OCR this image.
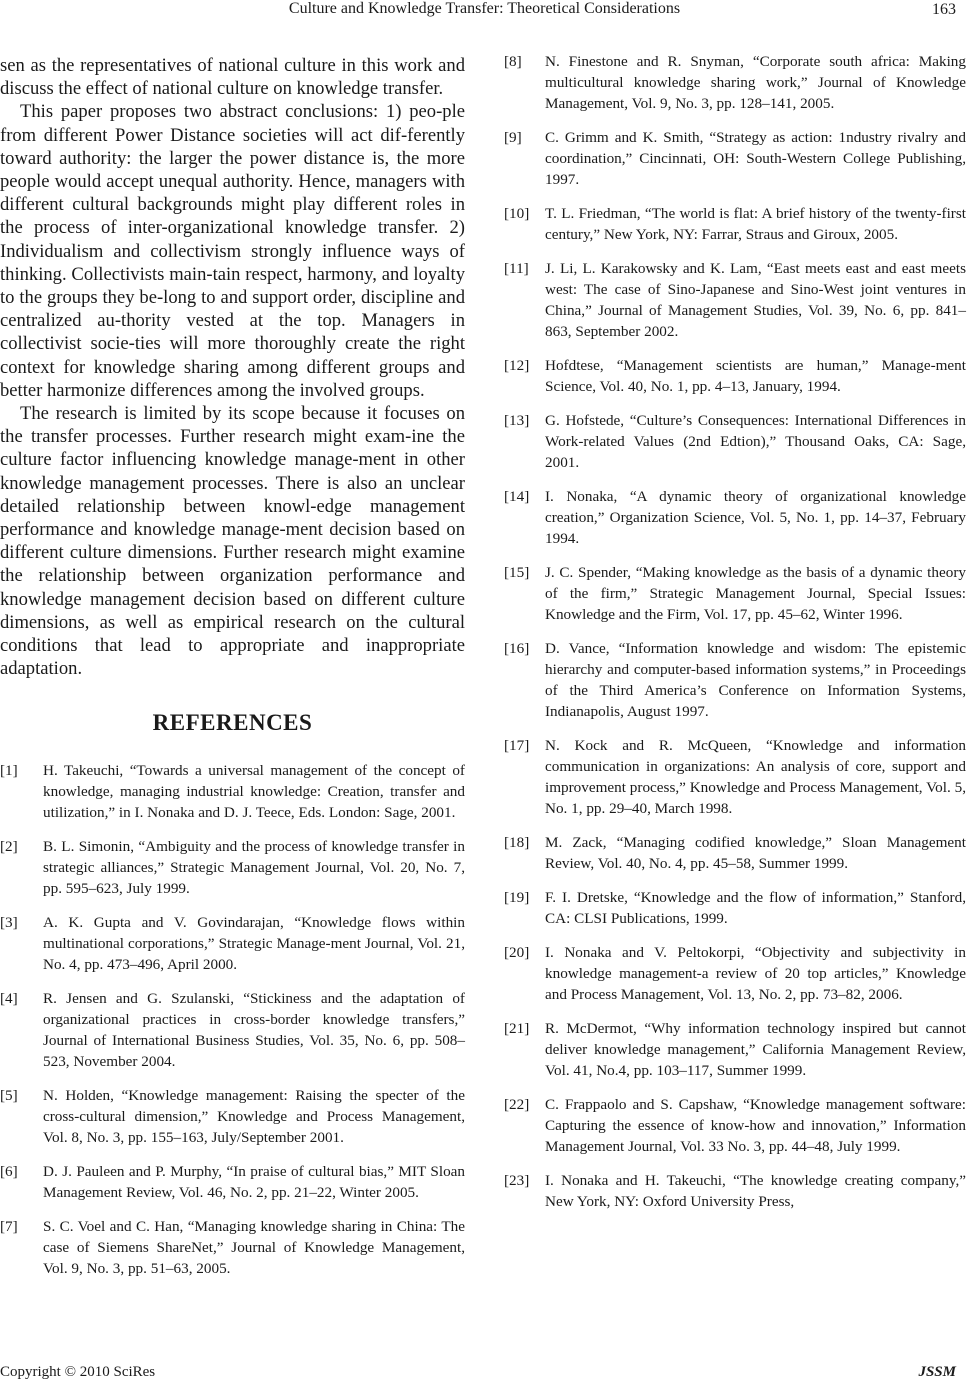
Culture and Knowledge Transfer: Theoretical Considerations	163

sen as the representatives of national culture in this work and discuss the effect of national culture on knowledge transfer.

This paper proposes two abstract conclusions: 1) peo-ple from different Power Distance societies will act dif-ferently toward authority: the larger the power distance is, the more people would accept unequal authority. Hence, managers with different cultural backgrounds might play different roles in the process of inter-organizational knowledge transfer. 2) Individualism and collectivism strongly influence ways of thinking. Collectivists main-tain respect, harmony, and loyalty to the groups they be-long to and support order, discipline and centralized au-thority vested at the top. Managers in collectivist socie-ties will more thoroughly create the right context for knowledge sharing among different groups and better harmonize differences among the involved groups.

The research is limited by its scope because it focuses on the transfer processes. Further research might exam-ine the culture factor influencing knowledge manage-ment in other knowledge management processes. There is also an unclear detailed relationship between knowl-edge management performance and knowledge manage-ment decision based on different culture dimensions. Further research might examine the relationship between organization performance and knowledge management decision based on different culture dimensions, as well as empirical research on the cultural conditions that lead to appropriate and inappropriate adaptation.

REFERENCES
[1]	H. Takeuchi, “Towards a universal management of the concept of knowledge, managing industrial knowledge: Creation, transfer and utilization,” in I. Nonaka and D. J. Teece, Eds. London: Sage, 2001.
[2]	B. L. Simonin, “Ambiguity and the process of knowledge transfer in strategic alliances,” Strategic Management Journal, Vol. 20, No. 7, pp. 595–623, July 1999.
[3]	A. K. Gupta and V. Govindarajan, “Knowledge flows within multinational corporations,” Strategic Manage-ment Journal, Vol. 21, No. 4, pp. 473–496, April 2000.
[4]	R. Jensen and G. Szulanski, “Stickiness and the adaptation of organizational practices in cross-border knowledge transfers,” Journal of International Business Studies, Vol. 35, No. 6, pp. 508–523, November 2004.
[5]	N. Holden, “Knowledge management: Raising the specter of the cross-cultural dimension,” Knowledge and Process Management, Vol. 8, No. 3, pp. 155–163, July/September 2001.
[6]	D. J. Pauleen and P. Murphy, “In praise of cultural bias,” MIT Sloan Management Review, Vol. 46, No. 2, pp. 21–22, Winter 2005.
[7]	S. C. Voel and C. Han, “Managing knowledge sharing in China: The case of Siemens ShareNet,” Journal of Knowledge Management, Vol. 9, No. 3, pp. 51–63, 2005.
[8]	N. Finestone and R. Snyman, “Corporate south africa: Making multicultural knowledge sharing work,” Journal of Knowledge Management, Vol. 9, No. 3, pp. 128–141, 2005.
[9]	C. Grimm and K. Smith, “Strategy as action: 1ndustry rivalry and coordination,” Cincinnati, OH: South-Western College Publishing, 1997.
[10]	T. L. Friedman, “The world is flat: A brief history of the twenty-first century,” New York, NY: Farrar, Straus and Giroux, 2005.
[11]	J. Li, L. Karakowsky and K. Lam, “East meets east and east meets west: The case of Sino-Japanese and Sino-West joint ventures in China,” Journal of Management Studies, Vol. 39, No. 6, pp. 841–863, September 2002.
[12]	Hofdtese, “Management scientists are human,” Manage-ment Science, Vol. 40, No. 1, pp. 4–13, January, 1994.
[13]	G. Hofstede, “Culture’s Consequences: International Differences in Work-related Values (2nd Edtion),” Thousand Oaks, CA: Sage, 2001.
[14]	I. Nonaka, “A dynamic theory of organizational knowledge creation,” Organization Science, Vol. 5, No. 1, pp. 14–37, February 1994.
[15]	J. C. Spender, “Making knowledge as the basis of a dynamic theory of the firm,” Strategic Management Journal, Special Issues: Knowledge and the Firm, Vol. 17, pp. 45–62, Winter 1996.
[16]	D. Vance, “Information knowledge and wisdom: The epistemic hierarchy and computer-based information systems,” in Proceedings of the Third America’s Conference on Information Systems, Indianapolis, August 1997.
[17]	N. Kock and R. McQueen, “Knowledge and information communication in organizations: An analysis of core, support and improvement process,” Knowledge and Process Management, Vol. 5, No. 1, pp. 29–40, March 1998.
[18]	M. Zack, “Managing codified knowledge,” Sloan Management Review, Vol. 40, No. 4, pp. 45–58, Summer 1999.
[19]	F. I. Dretske, “Knowledge and the flow of information,” Stanford, CA: CLSI Publications, 1999.
[20]	I. Nonaka and V. Peltokorpi, “Objectivity and subjectivity in knowledge management-a review of 20 top articles,” Knowledge and Process Management, Vol. 13, No. 2, pp. 73–82, 2006.
[21]	R. McDermot, “Why information technology inspired but cannot deliver knowledge management,” California Management Review, Vol. 41, No.4, pp. 103–117, Summer 1999.
[22]	C. Frappaolo and S. Capshaw, “Knowledge management software: Capturing the essence of know-how and innovation,” Information Management Journal, Vol. 33 No. 3, pp. 44–48, July 1999.
[23]	I. Nonaka and H. Takeuchi, “The knowledge creating company,” New York, NY: Oxford University Press,
Copyright © 2010 SciRes	JSSM
